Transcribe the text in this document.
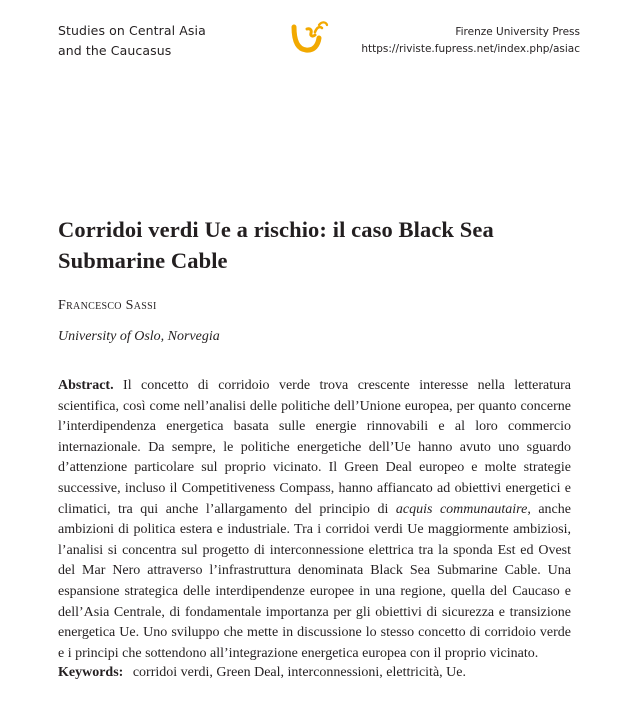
Studies on Central Asia
and the Caucasus
Firenze University Press
https://riviste.fupress.net/index.php/asiac
Corridoi verdi Ue a rischio: il caso Black Sea Submarine Cable
Francesco Sassi
University of Oslo, Norvegia

Abstract. Il concetto di corridoio verde trova crescente interesse nella letteratura scientifica, così come nell’analisi delle politiche dell’Unione europea, per quanto concerne l’interdipendenza energetica basata sulle energie rinnovabili e al loro commercio internazionale. Da sempre, le politiche energetiche dell’Ue hanno avuto uno sguardo d’attenzione particolare sul proprio vicinato. Il Green Deal europeo e molte strategie successive, incluso il Competitiveness Compass, hanno affiancato ad obiettivi energetici e climatici, tra qui anche l’allargamento del principio di acquis communautaire, anche ambizioni di politica estera e industriale. Tra i corridoi verdi Ue maggiormente ambiziosi, l’analisi si concentra sul progetto di interconnessione elettrica tra la sponda Est ed Ovest del Mar Nero attraverso l’infrastruttura denominata Black Sea Submarine Cable. Una espansione strategica delle interdipendenze europee in una regione, quella del Caucaso e dell’Asia Centrale, di fondamentale importanza per gli obiettivi di sicurezza e transizione energetica Ue. Uno sviluppo che mette in discussione lo stesso concetto di corridoio verde e i principi che sottendono all’integrazione energetica europea con il proprio vicinato.

Keywords: corridoi verdi, Green Deal, interconnessioni, elettricità, Ue.
